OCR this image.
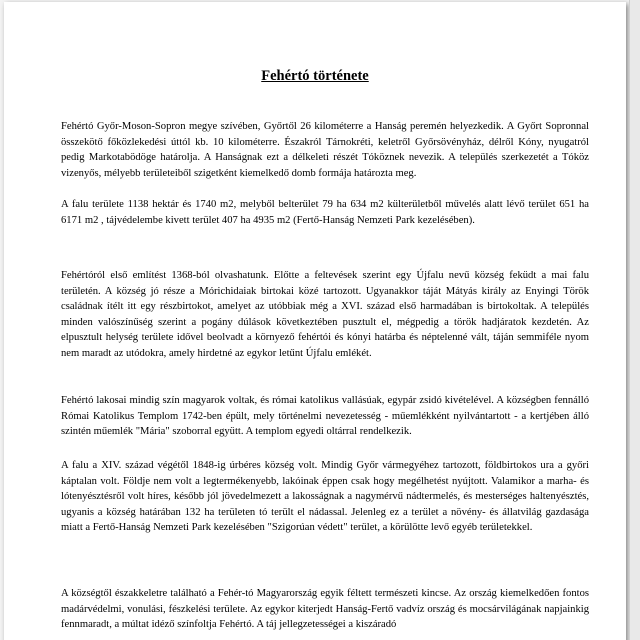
Fehértó története

Fehértó Győr-Moson-Sopron megye szívében, Győrtől 26 kilométerre a Hanság peremén helyezkedik. A Győrt Sopronnal összekötő főközlekedési úttól kb. 10 kilométerre. Északról Tárnokréti, keletről Győrsövényház, délről Kóny, nyugatról pedig Markotabödöge határolja. A Hanságnak ezt a délkeleti részét Tóköznek nevezik. A település szerkezetét a Tóköz vizenyős, mélyebb területeiből szigetként kiemelkedő domb formája határozta meg.

A falu területe 1138 hektár és 1740 m2, melyből belterület 79 ha 634 m2 külterületből művelés alatt lévő terület 651 ha 6171 m2 , tájvédelembe kivett terület 407 ha 4935 m2 (Fertő-Hanság Nemzeti Park kezelésében).

Fehértóról első említést 1368-ból olvashatunk. Előtte a feltevések szerint egy Újfalu nevű község feküdt a mai falu területén. A község jó része a Mórichidaiak birtokai közé tartozott. Ugyanakkor táját Mátyás király az Enyingi Török családnak ítélt itt egy részbirtokot, amelyet az utóbbiak még a XVI. század első harmadában is birtokoltak. A település minden valószínűség szerint a pogány dúlások következtében pusztult el, mégpedig a török hadjáratok kezdetén. Az elpusztult helység területe idővel beolvadt a környező fehértói és kónyi határba és néptelenné vált, táján semmiféle nyom nem maradt az utódokra, amely hirdetné az egykor letűnt Újfalu emlékét.

Fehértó lakosai mindig szín magyarok voltak, és római katolikus vallásúak, egypár zsidó kivételével. A községben fennálló Római Katolikus Templom 1742-ben épült, mely történelmi nevezetesség - műemlékként nyilvántartott - a kertjében álló szintén műemlék "Mária" szoborral együtt. A templom egyedi oltárral rendelkezik.

A falu a XIV. század végétől 1848-ig úrbéres község volt. Mindig Győr vármegyéhez tartozott, földbirtokos ura a győri káptalan volt. Földje nem volt a legtermékenyebb, lakóinak éppen csak hogy megélhetést nyújtott. Valamikor a marha- és lótenyésztésről volt híres, később jól jövedelmezett a lakosságnak a nagymérvű nádtermelés, és mesterséges haltenyésztés, ugyanis a község határában 132 ha területen tó terült el nádassal. Jelenleg ez a terület a növény- és állatvilág gazdasága miatt a Fertő-Hanság Nemzeti Park kezelésében "Szigorúan védett" terület, a körülötte levő egyéb területekkel.

A községtől északkeletre található a Fehér-tó Magyarország egyik féltett természeti kincse. Az ország kiemelkedően fontos madárvédelmi, vonulási, fészkelési területe. Az egykor kiterjedt Hanság-Fertő vadvíz ország és mocsárvilágának napjainkig fennmaradt, a múltat idéző színfoltja Fehértó. A táj jellegzetességei a kiszáradó
